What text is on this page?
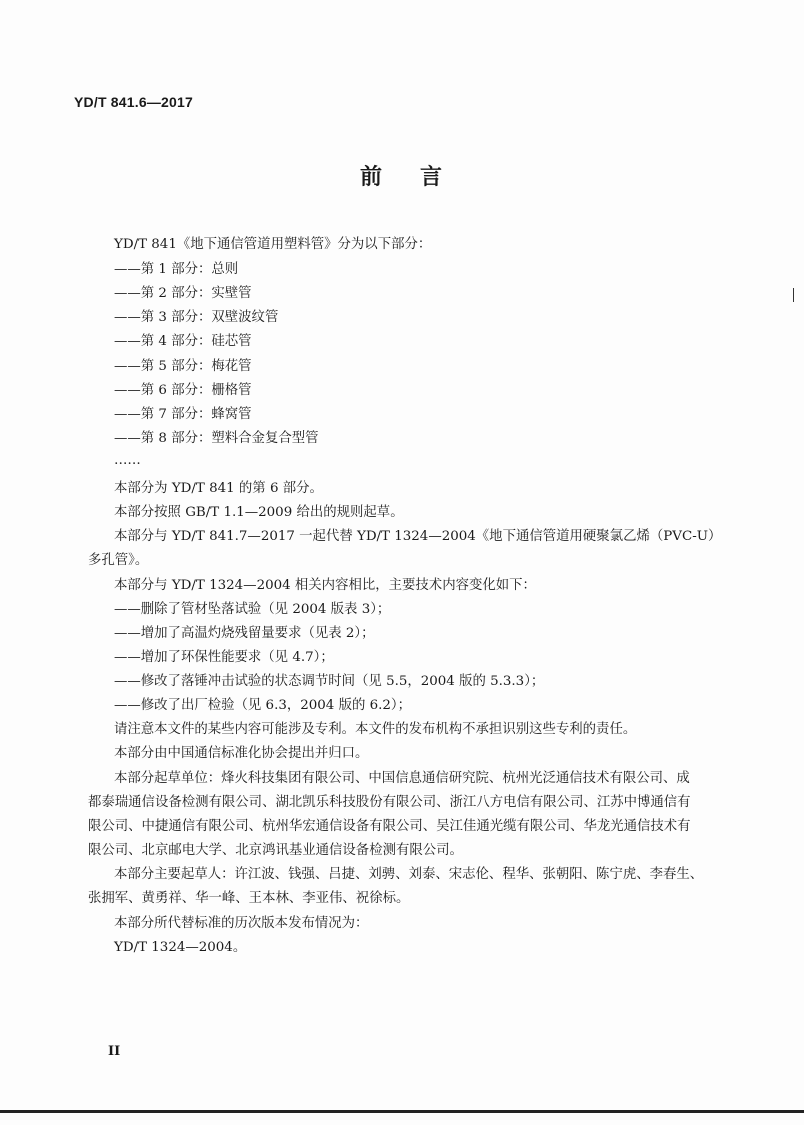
YD/T 841.6—2017
前 言
YD/T 841《地下通信管道用塑料管》分为以下部分：
——第 1 部分：总则
——第 2 部分：实壁管
——第 3 部分：双壁波纹管
——第 4 部分：硅芯管
——第 5 部分：梅花管
——第 6 部分：栅格管
——第 7 部分：蜂窝管
——第 8 部分：塑料合金复合型管
……
本部分为 YD/T 841 的第 6 部分。
本部分按照 GB/T 1.1—2009 给出的规则起草。
本部分与 YD/T 841.7—2017 一起代替 YD/T 1324—2004《地下通信管道用硬聚氯乙烯（PVC-U）
多孔管》。
本部分与 YD/T 1324—2004 相关内容相比，主要技术内容变化如下：
——删除了管材坠落试验（见 2004 版表 3）；
——增加了高温灼烧残留量要求（见表 2）；
——增加了环保性能要求（见 4.7）；
——修改了落锤冲击试验的状态调节时间（见 5.5，2004 版的 5.3.3）；
——修改了出厂检验（见 6.3，2004 版的 6.2）；
请注意本文件的某些内容可能涉及专利。本文件的发布机构不承担识别这些专利的责任。
本部分由中国通信标准化协会提出并归口。
本部分起草单位：烽火科技集团有限公司、中国信息通信研究院、杭州光泛通信技术有限公司、成
都泰瑞通信设备检测有限公司、湖北凯乐科技股份有限公司、浙江八方电信有限公司、江苏中博通信有
限公司、中捷通信有限公司、杭州华宏通信设备有限公司、吴江佳通光缆有限公司、华龙光通信技术有
限公司、北京邮电大学、北京鸿讯基业通信设备检测有限公司。
本部分主要起草人：许江波、钱强、吕捷、刘骋、刘泰、宋志伦、程华、张朝阳、陈宁虎、李春生、
张拥军、黄勇祥、华一峰、王本林、李亚伟、祝徐标。
本部分所代替标准的历次版本发布情况为：
YD/T 1324—2004。
II
